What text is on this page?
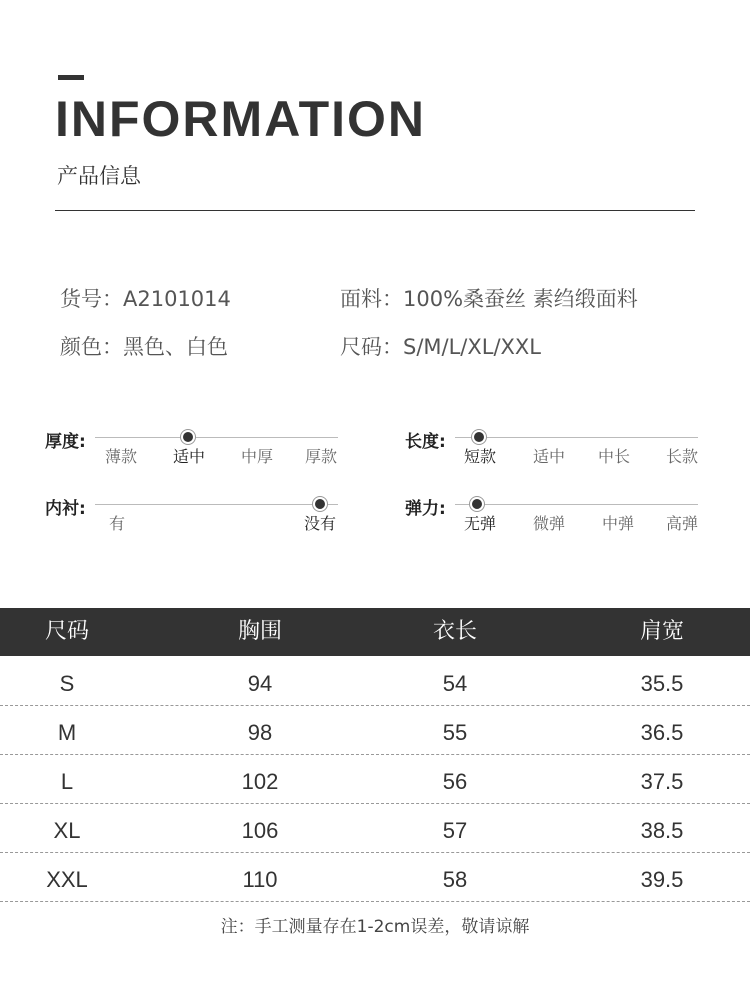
INFORMATION
产品信息
货号：A2101014	面料：100%桑蚕丝 素绉缎面料
颜色：黑色、白色	尺码：S/M/L/XL/XXL
厚度:
薄款 适中 中厚 厚款
长度:
短款 适中 中长 长款
内衬:
有	没有
弹力:
无弹 微弹 中弹 高弹
尺码	胸围	衣长	肩宽
S	94	54	35.5
M	98	55	36.5
L	102	56	37.5
XL	106	57	38.5
XXL	110	58	39.5
注：手工测量存在1-2cm误差，敬请谅解
